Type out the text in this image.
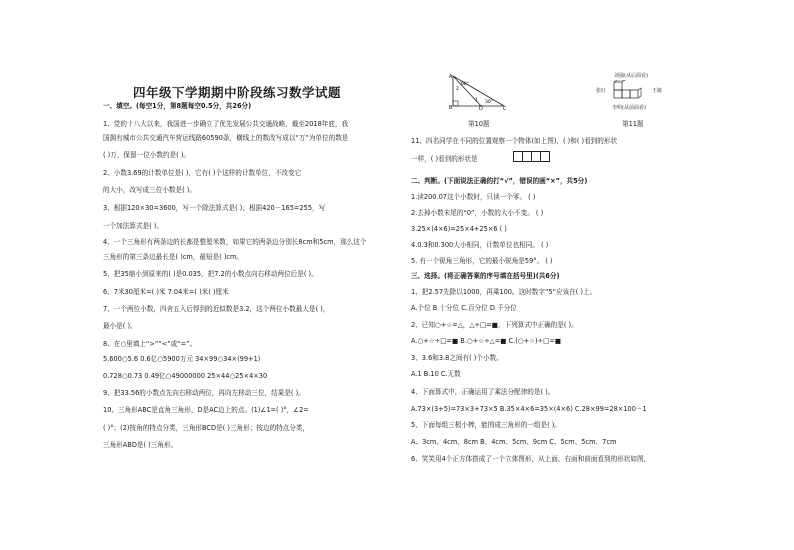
四年级下学期期中阶段练习数学试题
一、填空。(每空1分，第8题每空0.5分，共26分)
1、党的十八大以来，我国进一步确立了优先发展公共交通战略，截至2018年底，我
国拥有城市公共交通汽车营运线路60590条，横线上的数改写成以“万”为单位的数是
( )万，保留一位小数约是( )。
2、小数3.69的计数单位是( )，它有( )个这样的计数单位，不改变它
的大小，改写成三位小数是( )。
3、根据120×30=3600，写一个除法算式是( )；根据420－165=255，写
一个加法算式是( )。
4、一个三角形有两条边的长都是整厘米数，如果它的两条边分别长8cm和5cm，那么这个
三角形的第三条边最长是( )cm，最短是( )cm。
5、把35缩小到原来的( )是0.035，把7.2的小数点向右移动两位后是( )。
6、7米30厘米=( )米 7.04米=( )米( )厘米
7、一个两位小数，四舍五入后得到的近似数是3.2，这个两位小数最大是( )，
最小是( )。
8、在○里填上“>”“<”或“=”。
5.600○5.6 0.6亿○5900万元 34×99○34×(99+1)
0.728○0.73 0.49亿○49000000 25×44○25×4×30
9、把33.56的小数点先向右移动两位，再向左移动三位，结果是( )。
10、三角形ABC是直角三角形，D是AC边上的点。(1)∠1=( )°，∠2=
( )°；(2)按角的特点分类，三角形BCD是( )三角形；按边的特点分类，
三角形ABD是( )三角形。
A
B	D	C
2
60°
1 30°
第10题
刘强(从后面看)
张红	王敏
李明(从前面看)
第11题
11、四名同学在不同的位置观察一个物体(如上图)，( )和( )看到的形状
一样，( )看到的形状是
二、判断。(下面说法正确的打“√”，错误的画“×”，共5分)
1.读200.07这个小数时，只读一个零。 ( )
2.去掉小数末尾的“0”，小数的大小不变。 ( )
3.25×(4×6)=25×4+25×6 ( )
4.0.3和0.300大小相同，计数单位也相同。 ( )
5. 有一个锐角三角形，它的最小锐角是59°。 ( )
三、选择。(将正确答案的序号填在括号里)(共6分)
1、把2.57先除以1000，再乘100。这时数字“5”应该在( )上。
A.个位 B.十分位 C.百分位 D.千分位
2、已知○+☆=△，△÷□=■，下列算式中正确的是( )。
A.○+☆÷□=■ B.○+☆÷△=■ C.(○+☆)÷□=■
3、3.6和3.8之间有( )个小数。
A.1 B.10 C.无数
4、下面算式中，正确运用了乘法分配律的是( )。
A.73×(3+5)=73×3+73×5 B.35×4×6=35×(4×6) C.28×99=28×100－1
5、下面每组三根小棒，能围成三角形的一组是( )。
A、3cm、4cm、8cm B、4cm、5cm、9cm C、5cm、5cm、7cm
6、笑笑用4个正方体搭成了一个立体图形，从上面、右面和前面看到的形状如图，
